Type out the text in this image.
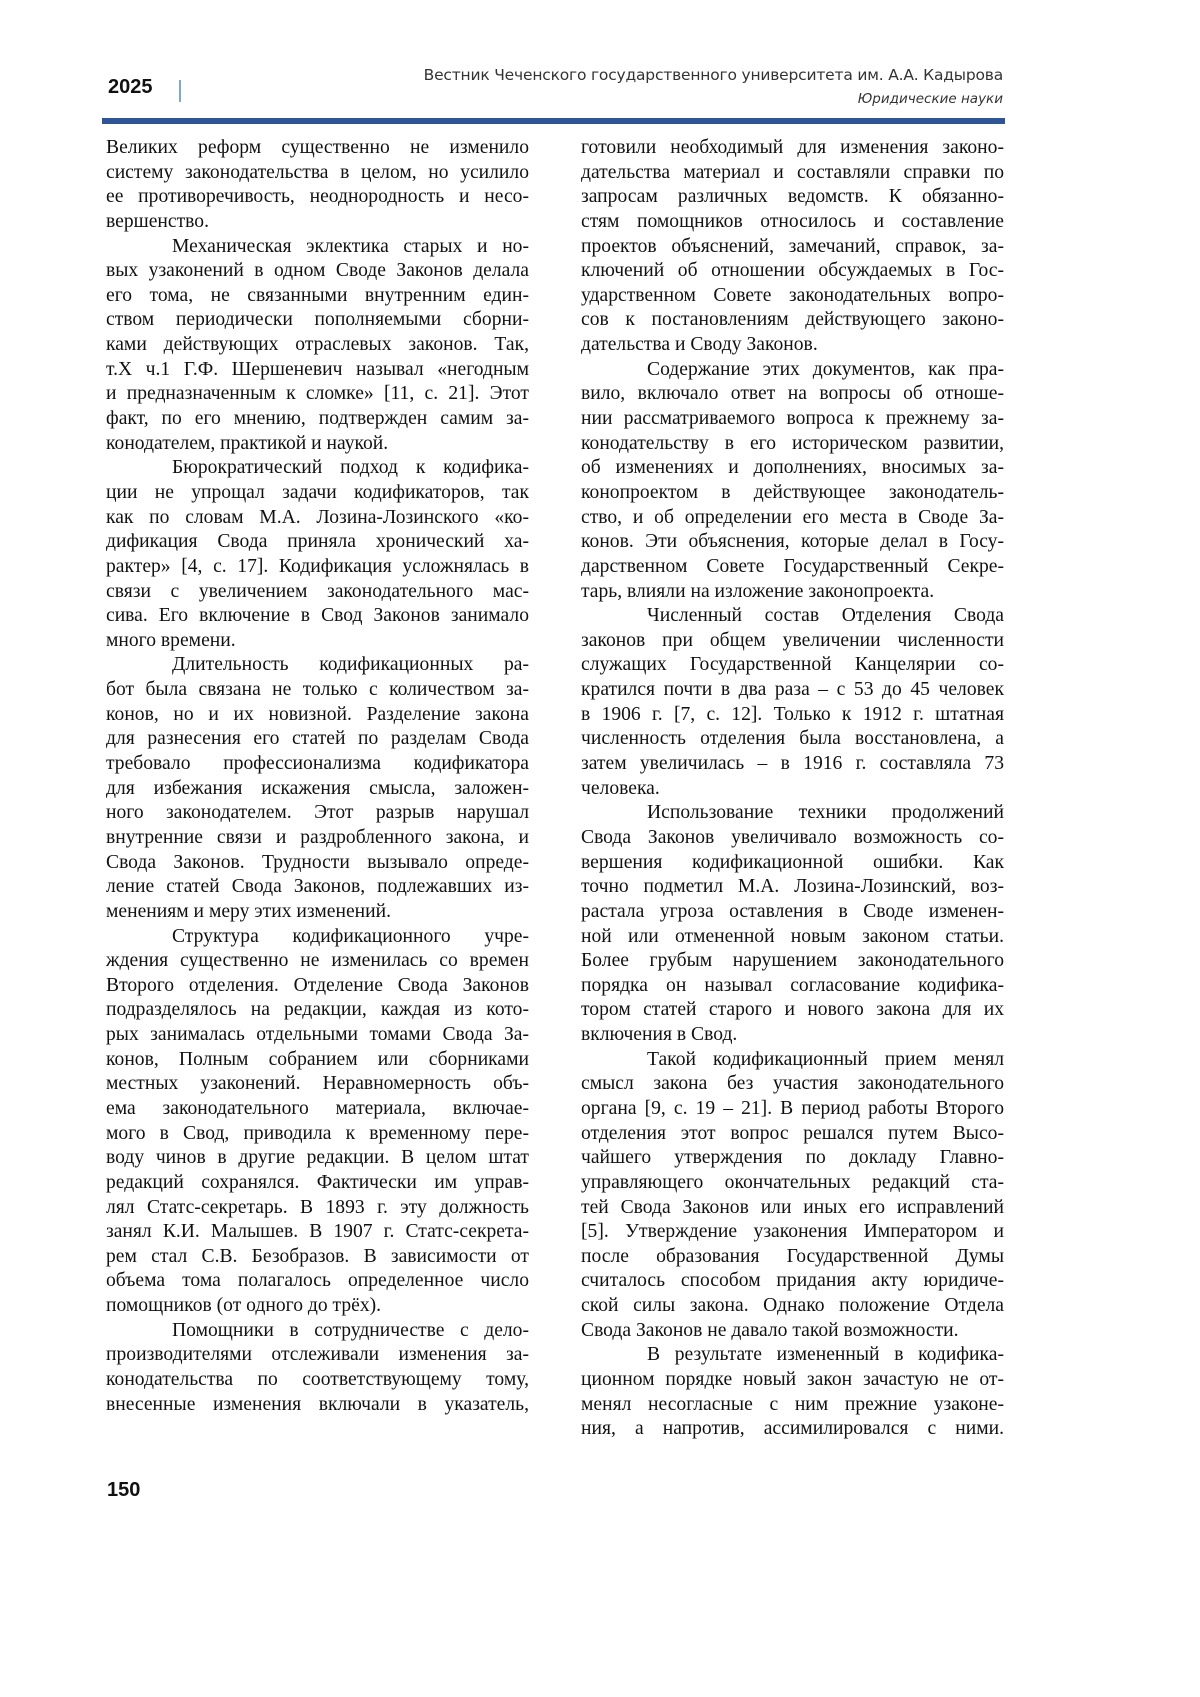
2025
Вестник Чеченского государственного университета им. А.А. Кадырова
Юридические науки
Великих реформ существенно не изменило
систему законодательства в целом, но усилило
ее противоречивость, неоднородность и несо-
вершенство.
Механическая эклектика старых и но-
вых узаконений в одном Своде Законов делала
его тома, не связанными внутренним един-
ством периодически пополняемыми сборни-
ками действующих отраслевых законов. Так,
т.Х ч.1 Г.Ф. Шершеневич называл «негодным
и предназначенным к сломке» [11, с. 21]. Этот
факт, по его мнению, подтвержден самим за-
конодателем, практикой и наукой.
Бюрократический подход к кодифика-
ции не упрощал задачи кодификаторов, так
как по словам М.А. Лозина-Лозинского «ко-
дификация Свода приняла хронический ха-
рактер» [4, с. 17]. Кодификация усложнялась в
связи с увеличением законодательного мас-
сива. Его включение в Свод Законов занимало
много времени.
Длительность кодификационных ра-
бот была связана не только с количеством за-
конов, но и их новизной. Разделение закона
для разнесения его статей по разделам Свода
требовало профессионализма кодификатора
для избежания искажения смысла, заложен-
ного законодателем. Этот разрыв нарушал
внутренние связи и раздробленного закона, и
Свода Законов. Трудности вызывало опреде-
ление статей Свода Законов, подлежавших из-
менениям и меру этих изменений.
Структура кодификационного учре-
ждения существенно не изменилась со времен
Второго отделения. Отделение Свода Законов
подразделялось на редакции, каждая из кото-
рых занималась отдельными томами Свода За-
конов, Полным собранием или сборниками
местных узаконений. Неравномерность объ-
ема законодательного материала, включае-
мого в Свод, приводила к временному пере-
воду чинов в другие редакции. В целом штат
редакций сохранялся. Фактически им управ-
лял Статс-секретарь. В 1893 г. эту должность
занял К.И. Малышев. В 1907 г. Статс-секрета-
рем стал С.В. Безобразов. В зависимости от
объема тома полагалось определенное число
помощников (от одного до трёх).
Помощники в сотрудничестве с дело-
производителями отслеживали изменения за-
конодательства по соответствующему тому,
внесенные изменения включали в указатель,
готовили необходимый для изменения законо-
дательства материал и составляли справки по
запросам различных ведомств. К обязанно-
стям помощников относилось и составление
проектов объяснений, замечаний, справок, за-
ключений об отношении обсуждаемых в Гос-
ударственном Совете законодательных вопро-
сов к постановлениям действующего законо-
дательства и Своду Законов.
Содержание этих документов, как пра-
вило, включало ответ на вопросы об отноше-
нии рассматриваемого вопроса к прежнему за-
конодательству в его историческом развитии,
об изменениях и дополнениях, вносимых за-
конопроектом в действующее законодатель-
ство, и об определении его места в Своде За-
конов. Эти объяснения, которые делал в Госу-
дарственном Совете Государственный Секре-
тарь, влияли на изложение законопроекта.
Численный состав Отделения Свода
законов при общем увеличении численности
служащих Государственной Канцелярии со-
кратился почти в два раза – с 53 до 45 человек
в 1906 г. [7, с. 12]. Только к 1912 г. штатная
численность отделения была восстановлена, а
затем увеличилась – в 1916 г. составляла 73
человека.
Использование техники продолжений
Свода Законов увеличивало возможность со-
вершения кодификационной ошибки. Как
точно подметил М.А. Лозина-Лозинский, воз-
растала угроза оставления в Своде изменен-
ной или отмененной новым законом статьи.
Более грубым нарушением законодательного
порядка он называл согласование кодифика-
тором статей старого и нового закона для их
включения в Свод.
Такой кодификационный прием менял
смысл закона без участия законодательного
органа [9, с. 19 – 21]. В период работы Второго
отделения этот вопрос решался путем Высо-
чайшего утверждения по докладу Главно-
управляющего окончательных редакций ста-
тей Свода Законов или иных его исправлений
[5]. Утверждение узаконения Императором и
после образования Государственной Думы
считалось способом придания акту юридиче-
ской силы закона. Однако положение Отдела
Свода Законов не давало такой возможности.
В результате измененный в кодифика-
ционном порядке новый закон зачастую не от-
менял несогласные с ним прежние узаконе-
ния, а напротив, ассимилировался с ними.
150
